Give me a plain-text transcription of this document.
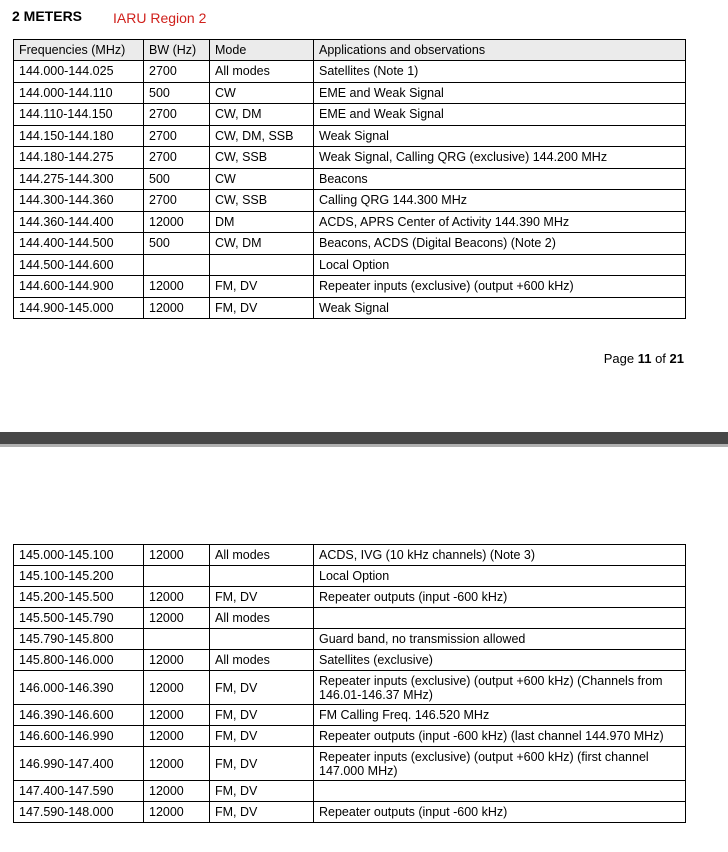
2 METERS IARU Region 2
Frequencies (MHz)	BW (Hz)	Mode	Applications and observations
144.000-144.025	2700	All modes	Satellites (Note 1)
144.000-144.110	500	CW	EME and Weak Signal
144.110-144.150	2700	CW, DM	EME and Weak Signal
144.150-144.180	2700	CW, DM, SSB	Weak Signal
144.180-144.275	2700	CW, SSB	Weak Signal, Calling QRG (exclusive) 144.200 MHz
144.275-144.300	500	CW	Beacons
144.300-144.360	2700	CW, SSB	Calling QRG 144.300 MHz
144.360-144.400	12000	DM	ACDS, APRS Center of Activity 144.390 MHz
144.400-144.500	500	CW, DM	Beacons, ACDS (Digital Beacons) (Note 2)
144.500-144.600			Local Option
144.600-144.900	12000	FM, DV	Repeater inputs (exclusive) (output +600 kHz)
144.900-145.000	12000	FM, DV	Weak Signal
Page 11 of 21
145.000-145.100	12000	All modes	ACDS, IVG (10 kHz channels) (Note 3)
145.100-145.200			Local Option
145.200-145.500	12000	FM, DV	Repeater outputs (input -600 kHz)
145.500-145.790	12000	All modes	
145.790-145.800			Guard band, no transmission allowed
145.800-146.000	12000	All modes	Satellites (exclusive)
146.000-146.390	12000	FM, DV	Repeater inputs (exclusive) (output +600 kHz) (Channels from 146.01-146.37 MHz)
146.390-146.600	12000	FM, DV	FM Calling Freq. 146.520 MHz
146.600-146.990	12000	FM, DV	Repeater outputs (input -600 kHz) (last channel 144.970 MHz)
146.990-147.400	12000	FM, DV	Repeater inputs (exclusive) (output +600 kHz) (first channel 147.000 MHz)
147.400-147.590	12000	FM, DV	
147.590-148.000	12000	FM, DV	Repeater outputs (input -600 kHz)
